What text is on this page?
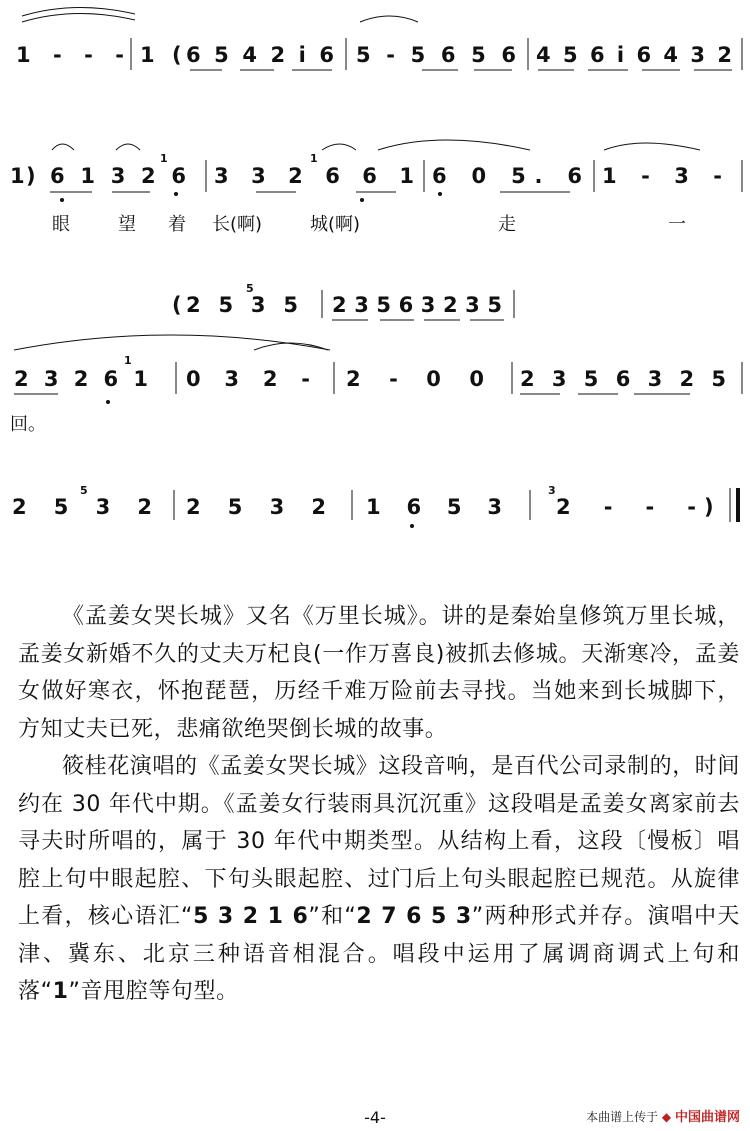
1 - - - 1 ( 6 5 4 2 i 6 5 - 5 6 5 6 4 5 6 i 6 4 3 2
1 ) 6 1 3 2 6
1
3 3 2 6 6 1
1
6 0 5. 6 1 - 3 -
眼	望 着 长(啊)	城(啊)	走	一
( 2 5 3 5
5
2 3 5 6 3 2 3 5
2 3 2 6 1
1
0 3 2 - 2 - 0 0 2 3 5 6 3 2 5
回。
2 5 3 2
5
2 5 3 2 1 6 5 3
3
2 - - - )

《孟姜女哭长城》又名《万里长城》。讲的是秦始皇修筑万里长城，孟姜女新婚不久的丈夫万杞良(一作万喜良)被抓去修城。天渐寒冷，孟姜女做好寒衣，怀抱琵琶，历经千难万险前去寻找。当她来到长城脚下，方知丈夫已死，悲痛欲绝哭倒长城的故事。

筱桂花演唱的《孟姜女哭长城》这段音响，是百代公司录制的，时间约在 30 年代中期。《孟姜女行装雨具沉沉重》这段唱是孟姜女离家前去寻夫时所唱的，属于 30 年代中期类型。从结构上看，这段〔慢板〕唱腔上句中眼起腔、下句头眼起腔、过门后上句头眼起腔已规范。从旋律上看，核心语汇“5 3 2 1 6”和“2 7 6 5 3”两种形式并存。演唱中天津、冀东、北京三种语音相混合。唱段中运用了属调商调式上句和落“1”音甩腔等句型。

-4-	本曲谱上传于 ◆ 中国曲谱网
